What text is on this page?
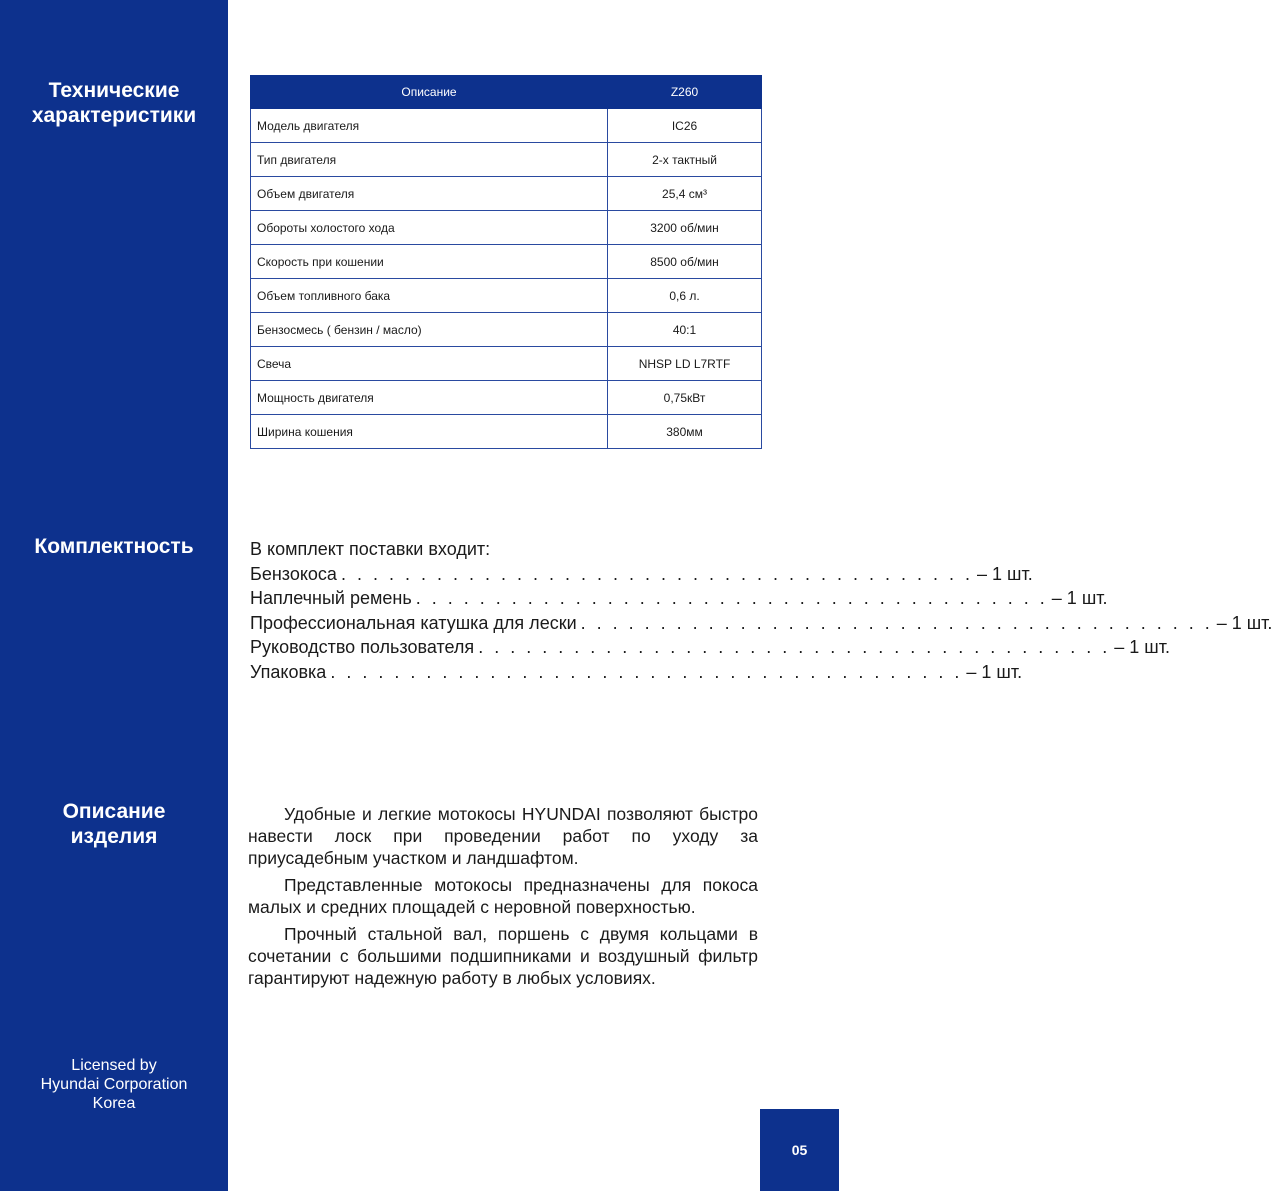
Технические
характеристики
Комплектность
Описание
изделия
Licensed by
Hyundai Corporation
Korea
Описание	Z260
Модель двигателя	IC26
Тип двигателя	2-х тактный
Объем двигателя	25,4 см³
Обороты холостого хода	3200 об/мин
Скорость при кошении	8500 об/мин
Объем топливного бака	0,6 л.
Бензосмесь ( бензин / масло)	40:1
Свеча	NHSP LD L7RTF
Мощность двигателя	0,75кВт
Ширина кошения	380мм
В комплект поставки входит:
Бензокоса . . . . . . . . . . . . . . . . . . . . . . . . . . . . . . . . . . . . . . . . – 1 шт.
Наплечный ремень . . . . . . . . . . . . . . . . . . . . . . . . . . . . . . . . . . . . . . . . – 1 шт.
Профессиональная катушка для лески . . . . . . . . . . . . . . . . . . . . . . . . . . . . . . . . . . . . . . . . – 1 шт.
Руководство пользователя . . . . . . . . . . . . . . . . . . . . . . . . . . . . . . . . . . . . . . . . – 1 шт.
Упаковка . . . . . . . . . . . . . . . . . . . . . . . . . . . . . . . . . . . . . . . . – 1 шт.

Удобные и легкие мотокосы HYUNDAI позволяют быстро навести лоск при проведении работ по уходу за приусадебным участком и ландшафтом.

Представленные мотокосы предназначены для покоса малых и средних площадей с неровной поверхностью.

Прочный стальной вал, поршень с двумя кольцами в сочетании с большими подшипниками и воздушный фильтр гарантируют надежную работу в любых условиях.

05
